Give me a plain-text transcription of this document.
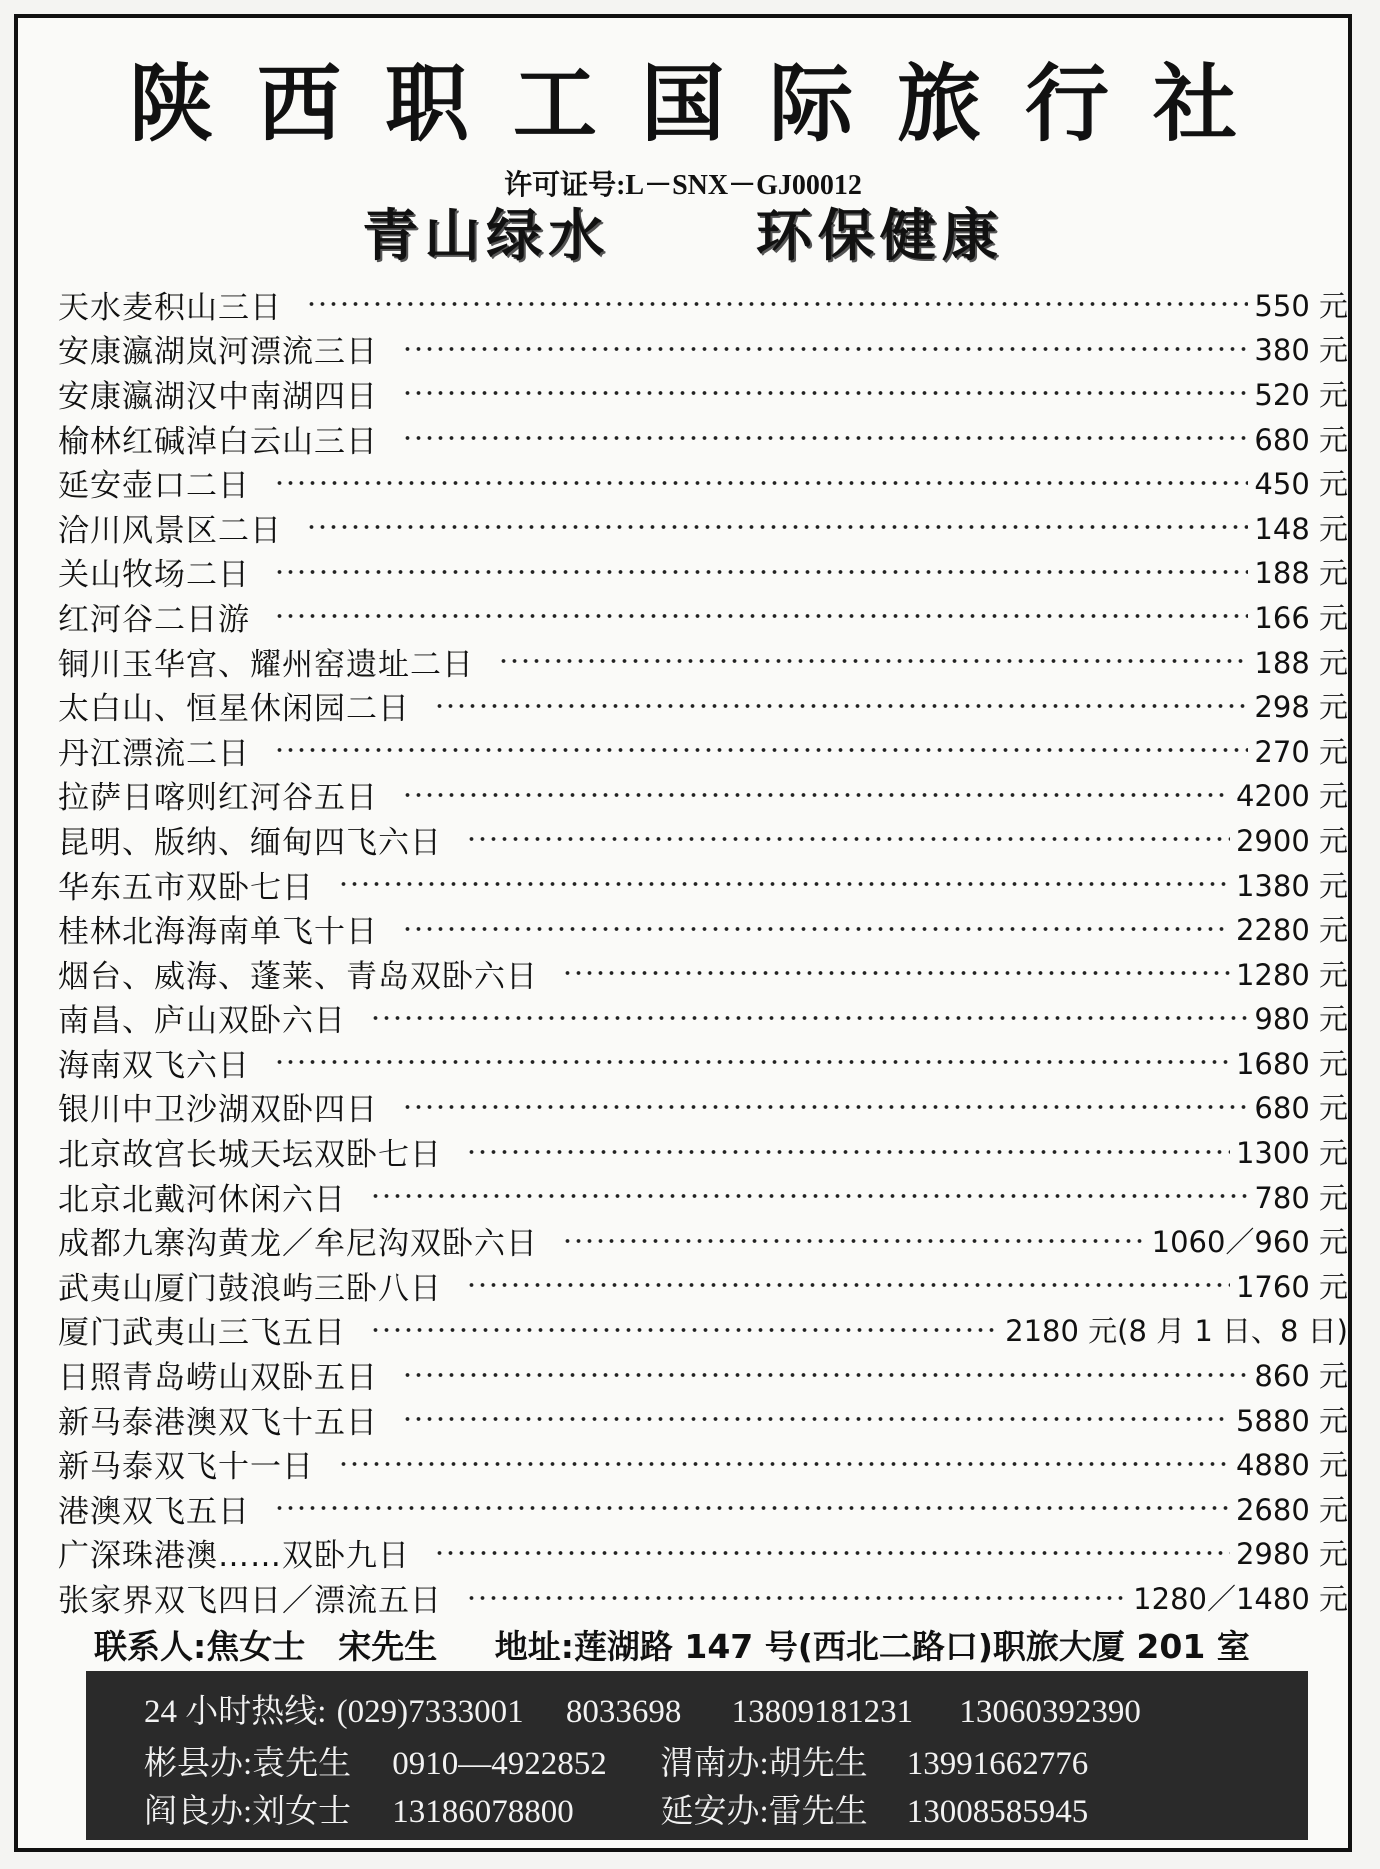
陕西职工国际旅行社
许可证号:L－SNX－GJ00012
青山绿水	环保健康
天水麦积山三日	550 元
安康瀛湖岚河漂流三日	380 元
安康瀛湖汉中南湖四日	520 元
榆林红碱淖白云山三日	680 元
延安壶口二日	450 元
洽川风景区二日	148 元
关山牧场二日	188 元
红河谷二日游	166 元
铜川玉华宫、耀州窑遗址二日	188 元
太白山、恒星休闲园二日	298 元
丹江漂流二日	270 元
拉萨日喀则红河谷五日	4200 元
昆明、版纳、缅甸四飞六日	2900 元
华东五市双卧七日	1380 元
桂林北海海南单飞十日	2280 元
烟台、威海、蓬莱、青岛双卧六日	1280 元
南昌、庐山双卧六日	980 元
海南双飞六日	1680 元
银川中卫沙湖双卧四日	680 元
北京故宫长城天坛双卧七日	1300 元
北京北戴河休闲六日	780 元
成都九寨沟黄龙／牟尼沟双卧六日	1060／960 元
武夷山厦门鼓浪屿三卧八日	1760 元
厦门武夷山三飞五日	2180 元(8 月 1 日、8 日)
日照青岛崂山双卧五日	860 元
新马泰港澳双飞十五日	5880 元
新马泰双飞十一日	4880 元
港澳双飞五日	2680 元
广深珠港澳……双卧九日	2980 元
张家界双飞四日／漂流五日	1280／1480 元
联系人:焦女士　宋先生 地址:莲湖路 147 号(西北二路口)职旅大厦 201 室
24 小时热线: (029)7333001 8033698 13809181231 13060392390
彬县办:袁先生 0910—4922852 渭南办:胡先生 13991662776
阎良办:刘女士 13186078800	延安办:雷先生 13008585945
